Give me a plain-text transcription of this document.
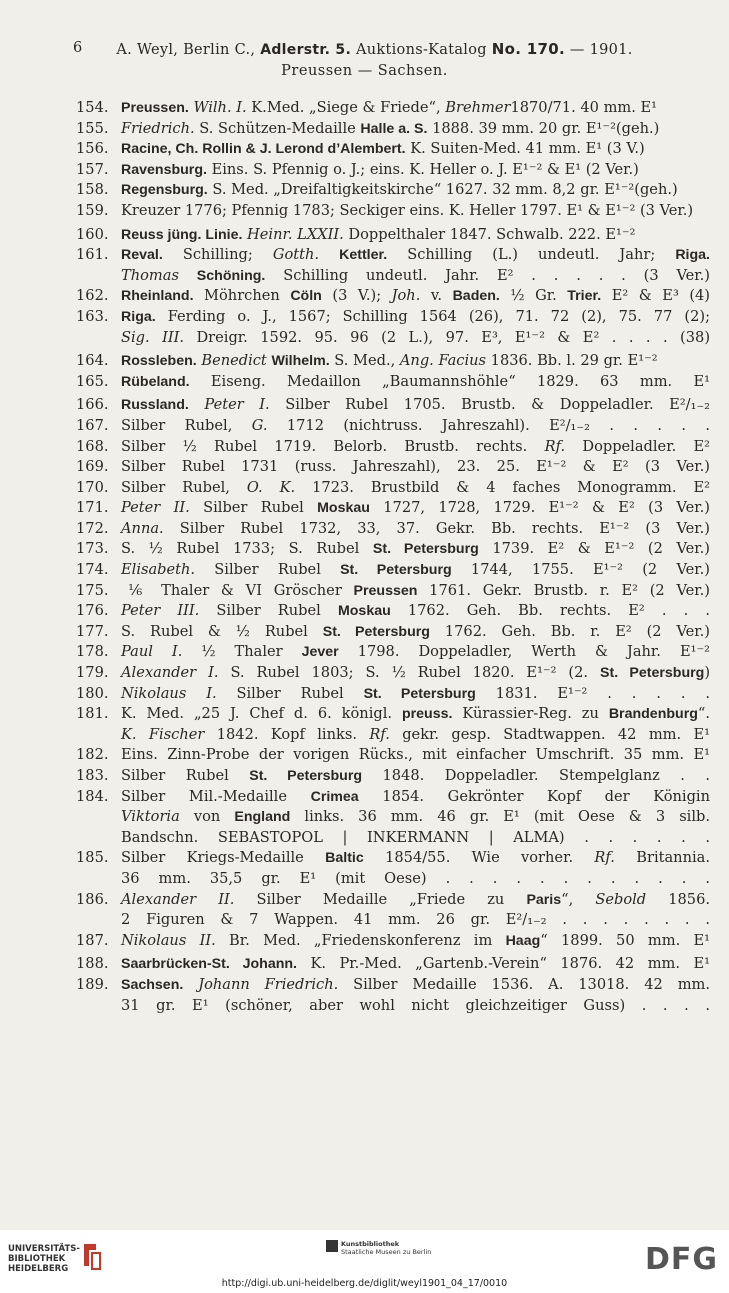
6 A. Weyl, Berlin C., Adlerstr. 5. Auktions-Katalog No. 170. — 1901.
Preussen — Sachsen.
154. Preussen. Wilh. I. K.Med. „Siege & Friede“, Brehmer1870/71. 40 mm. E¹
155. Friedrich. S. Schützen-Medaille Halle a. S. 1888. 39 mm. 20 gr. E¹⁻²(geh.)
156. Racine, Ch. Rollin & J. Lerond d’Alembert. K. Suiten-Med. 41 mm. E¹ (3 V.)
157. Ravensburg. Eins. S. Pfennig o. J.; eins. K. Heller o. J. E¹⁻² & E¹ (2 Ver.)
158. Regensburg. S. Med. „Dreifaltigkeitskirche“ 1627. 32 mm. 8,2 gr. E¹⁻²(geh.)
159. Kreuzer 1776; Pfennig 1783; Seckiger eins. K. Heller 1797. E¹ & E¹⁻² (3 Ver.)
160. Reuss jüng. Linie. Heinr. LXXII. Doppelthaler 1847. Schwalb. 222. E¹⁻²
161. Reval. Schilling; Gotth. Kettler. Schilling (L.) undeutl. Jahr; Riga.
Thomas Schöning. Schilling undeutl. Jahr. E² . . . . . (3 Ver.)
162. Rheinland. Möhrchen Cöln (3 V.); Joh. v. Baden. ½ Gr. Trier. E² & E³ (4)
163. Riga. Ferding o. J., 1567; Schilling 1564 (26), 71. 72 (2), 75. 77 (2);
Sig. III. Dreigr. 1592. 95. 96 (2 L.), 97. E³, E¹⁻² & E² . . . . (38)
164. Rossleben. Benedict Wilhelm. S. Med., Ang. Facius 1836. Bb. l. 29 gr. E¹⁻²
165. Rübeland. Eiseng. Medaillon „Baumannshöhle“ 1829. 63 mm. E¹
166. Russland. Peter I. Silber Rubel 1705. Brustb. & Doppeladler. E²/₁₋₂
167. Silber Rubel, G. 1712 (nichtruss. Jahreszahl). E²/₁₋₂ . . . . .
168. Silber ½ Rubel 1719. Belorb. Brustb. rechts. Rf. Doppeladler. E²
169. Silber Rubel 1731 (russ. Jahreszahl), 23. 25. E¹⁻² & E² (3 Ver.)
170. Silber Rubel, O. K. 1723. Brustbild & 4 faches Monogramm. E²
171. Peter II. Silber Rubel Moskau 1727, 1728, 1729. E¹⁻² & E² (3 Ver.)
172. Anna. Silber Rubel 1732, 33, 37. Gekr. Bb. rechts. E¹⁻² (3 Ver.)
173. S. ½ Rubel 1733; S. Rubel St. Petersburg 1739. E² & E¹⁻² (2 Ver.)
174. Elisabeth. Silber Rubel St. Petersburg 1744, 1755. E¹⁻² (2 Ver.)
175. ⅙ Thaler & VI Gröscher Preussen 1761. Gekr. Brustb. r. E² (2 Ver.)
176. Peter III. Silber Rubel Moskau 1762. Geh. Bb. rechts. E² . . .
177. S. Rubel & ½ Rubel St. Petersburg 1762. Geh. Bb. r. E² (2 Ver.)
178. Paul I. ½ Thaler Jever 1798. Doppeladler, Werth & Jahr. E¹⁻²
179. Alexander I. S. Rubel 1803; S. ½ Rubel 1820. E¹⁻² (2. St. Petersburg)
180. Nikolaus I. Silber Rubel St. Petersburg 1831. E¹⁻² . . . . .
181. K. Med. „25 J. Chef d. 6. königl. preuss. Kürassier-Reg. zu Brandenburg“.
K. Fischer 1842. Kopf links. Rf. gekr. gesp. Stadtwappen. 42 mm. E¹
182. Eins. Zinn-Probe der vorigen Rücks., mit einfacher Umschrift. 35 mm. E¹
183. Silber Rubel St. Petersburg 1848. Doppeladler. Stempelglanz . .
184. Silber Mil.-Medaille Crimea 1854. Gekrönter Kopf der Königin
Viktoria von England links. 36 mm. 46 gr. E¹ (mit Oese & 3 silb.
Bandschn. SEBASTOPOL | INKERMANN | ALMA) . . . . . .
185. Silber Kriegs-Medaille Baltic 1854/55. Wie vorher. Rf. Britannia.
36 mm. 35,5 gr. E¹ (mit Oese) . . . . . . . . . . . .
186. Alexander II. Silber Medaille „Friede zu Paris“, Sebold 1856.
2 Figuren & 7 Wappen. 41 mm. 26 gr. E²/₁₋₂ . . . . . . . .
187. Nikolaus II. Br. Med. „Friedenskonferenz im Haag“ 1899. 50 mm. E¹
188. Saarbrücken-St. Johann. K. Pr.-Med. „Gartenb.-Verein“ 1876. 42 mm. E¹
189. Sachsen. Johann Friedrich. Silber Medaille 1536. A. 13018. 42 mm.
31 gr. E¹ (schöner, aber wohl nicht gleichzeitiger Guss) . . . .
UNIVERSITÄTS-
BIBLIOTHEK
HEIDELBERG
Kunstbibliothek
Staatliche Museen zu Berlin	DFG
http://digi.ub.uni-heidelberg.de/diglit/weyl1901_04_17/0010
